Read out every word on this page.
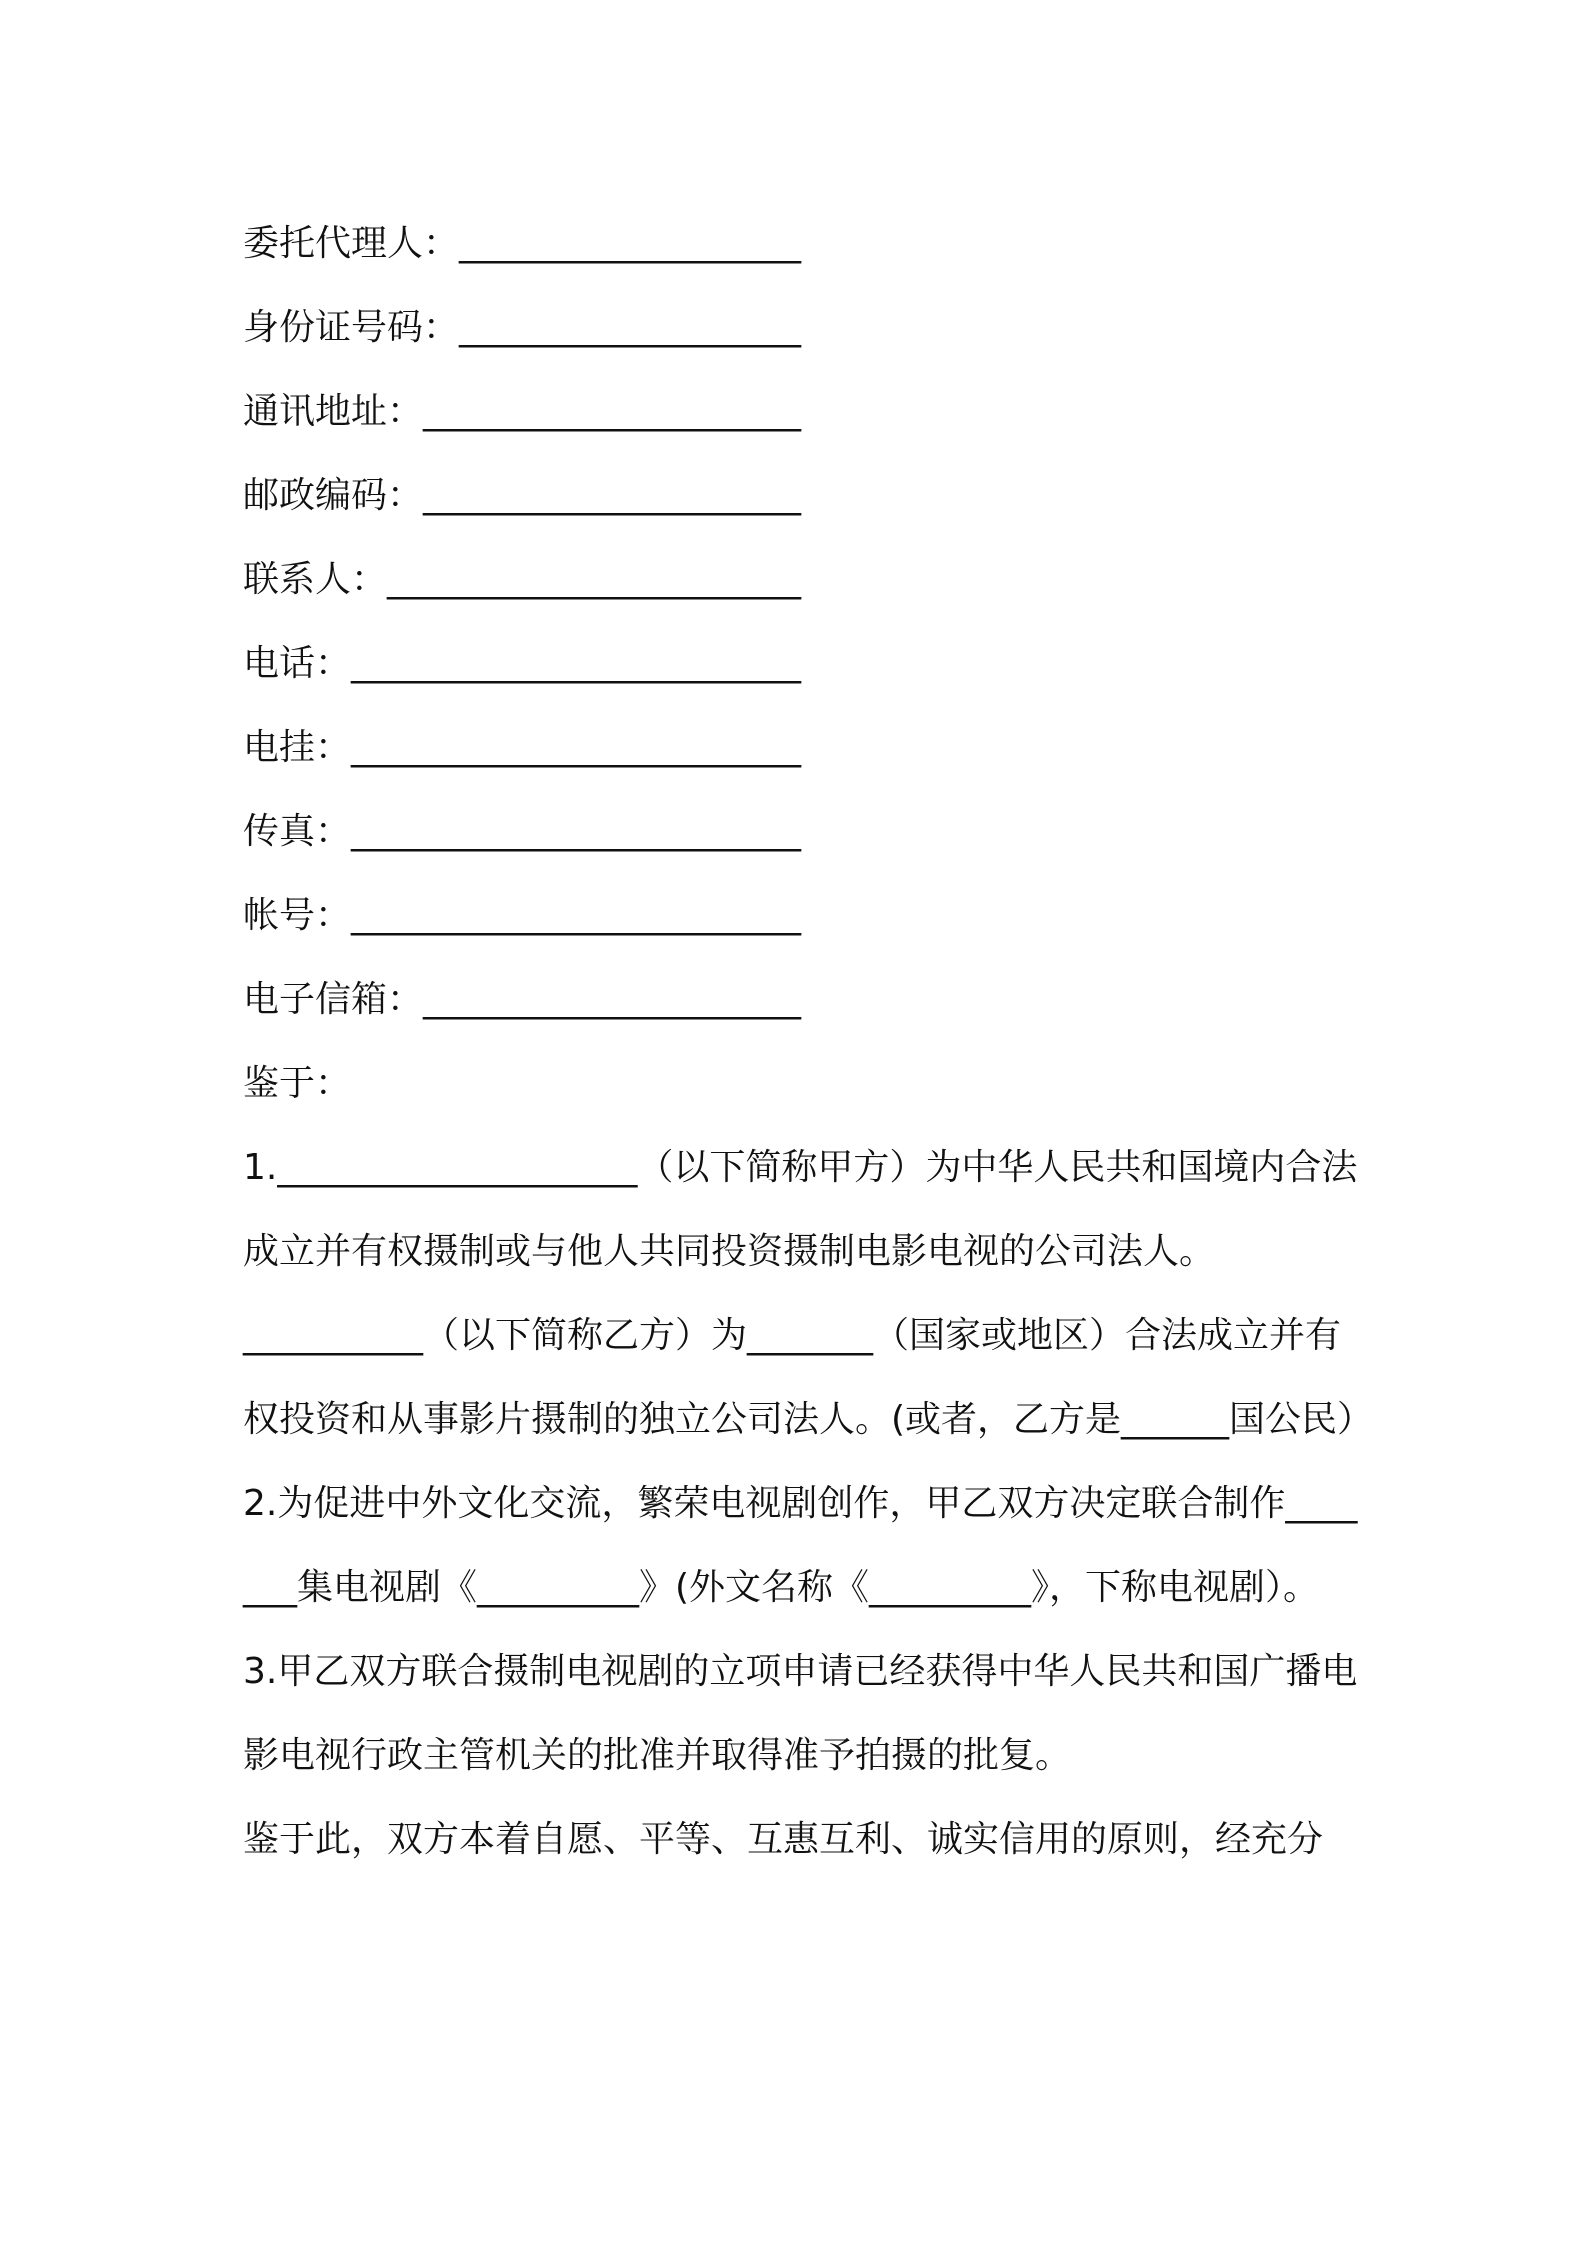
委托代理人：___________________

身份证号码：___________________

通讯地址：_____________________

邮政编码：_____________________

联系人：_______________________

电话：_________________________

电挂：_________________________

传真：_________________________

帐号：_________________________

电子信箱：_____________________

鉴于：

1.____________________（以下简称甲方）为中华人民共和国境内合法成立并有权摄制或与他人共同投资摄制电影电视的公司法人。

__________（以下简称乙方）为_______（国家或地区）合法成立并有权投资和从事影片摄制的独立公司法人。(或者，乙方是______国公民）

2.为促进中外文化交流，繁荣电视剧创作，甲乙双方决定联合制作_______集电视剧《_________》(外文名称《_________》，下称电视剧）。

3.甲乙双方联合摄制电视剧的立项申请已经获得中华人民共和国广播电影电视行政主管机关的批准并取得准予拍摄的批复。

鉴于此，双方本着自愿、平等、互惠互利、诚实信用的原则，经充分
